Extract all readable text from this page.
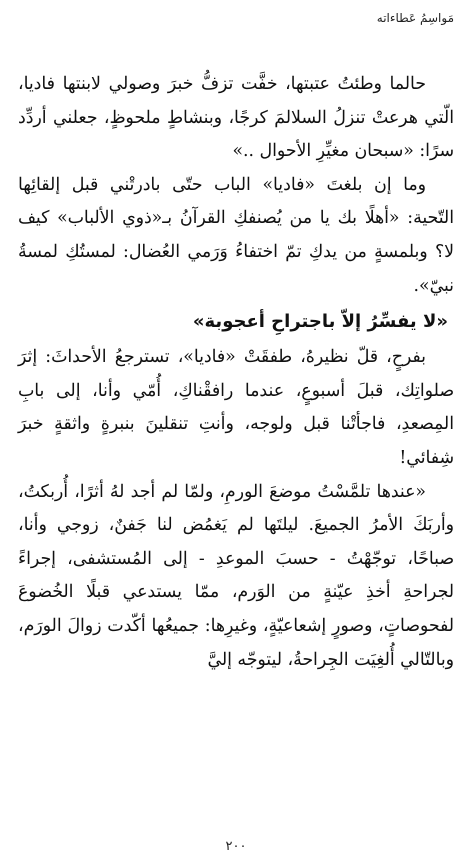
مَواسِمُ عَطاءاته

حالما وطئتُ عتبتها، خفَّت تزفُّ خبرَ وصولي لابنتها فاديا، الّتي هرعتْ تنزلُ السلالمَ كرجًا، وبنشاطٍ ملحوظٍ، جعلني أردِّد سرًا: «سبحان مغيِّرِ الأحوال ..»

وما إن بلغتَ «فاديا» الباب حتّى بادرتْني قبل إلقائِها التّحية: «أهلًا بك يا من يُصنفكِ القرآنُ بـ«ذوي الألباب» كيف لا؟ وبلمسةٍ من يدكِ تمّ اختفاءُ وَرَمي العُضال: لمستُكِ لمسةُ نبيّ».

«لا يفسِّرُ إلاّ باجتراحِ أعجوبة»

بفرحٍ، قلّ نظيرهُ، طفقَتْ «فاديا»، تسترجعُ الأحداثَ: إثرَ صلواتِك، قبلَ أسبوعٍ، عندما رافقْناكِ، أُمّي وأنا، إلى بابِ المِصعدِ، فاجأتْنا قبل ولوجه، وأنتِ تنقلينَ بنبرةٍ واثقةٍ خبرَ شِفائي!

«عندها تلمَّسْتُ موضعَ الورمِ، ولمّا لم أجد لهُ أثرًا، أُربكتُ، وأربَكَ الأمرُ الجميعَ. ليلتَها لم يَغمُض لنا جَفنٌ، زوجي وأنا، صباحًا، توجّهْتُ - حسبَ الموعدِ - إلى المُستشفى، إجراءً لجراحةِ أخذِ عيّنةٍ من الوَرم، ممّا يستدعي قبلًا الخُضوعَ لفحوصاتٍ، وصورٍ إشعاعيّةٍ، وغيرِها: جميعُها أكّدت زوالَ الورَم، وبالتّالي أُلغِيَت الجِراحةُ، ليتوجّه إليَّ

٢٠٠
